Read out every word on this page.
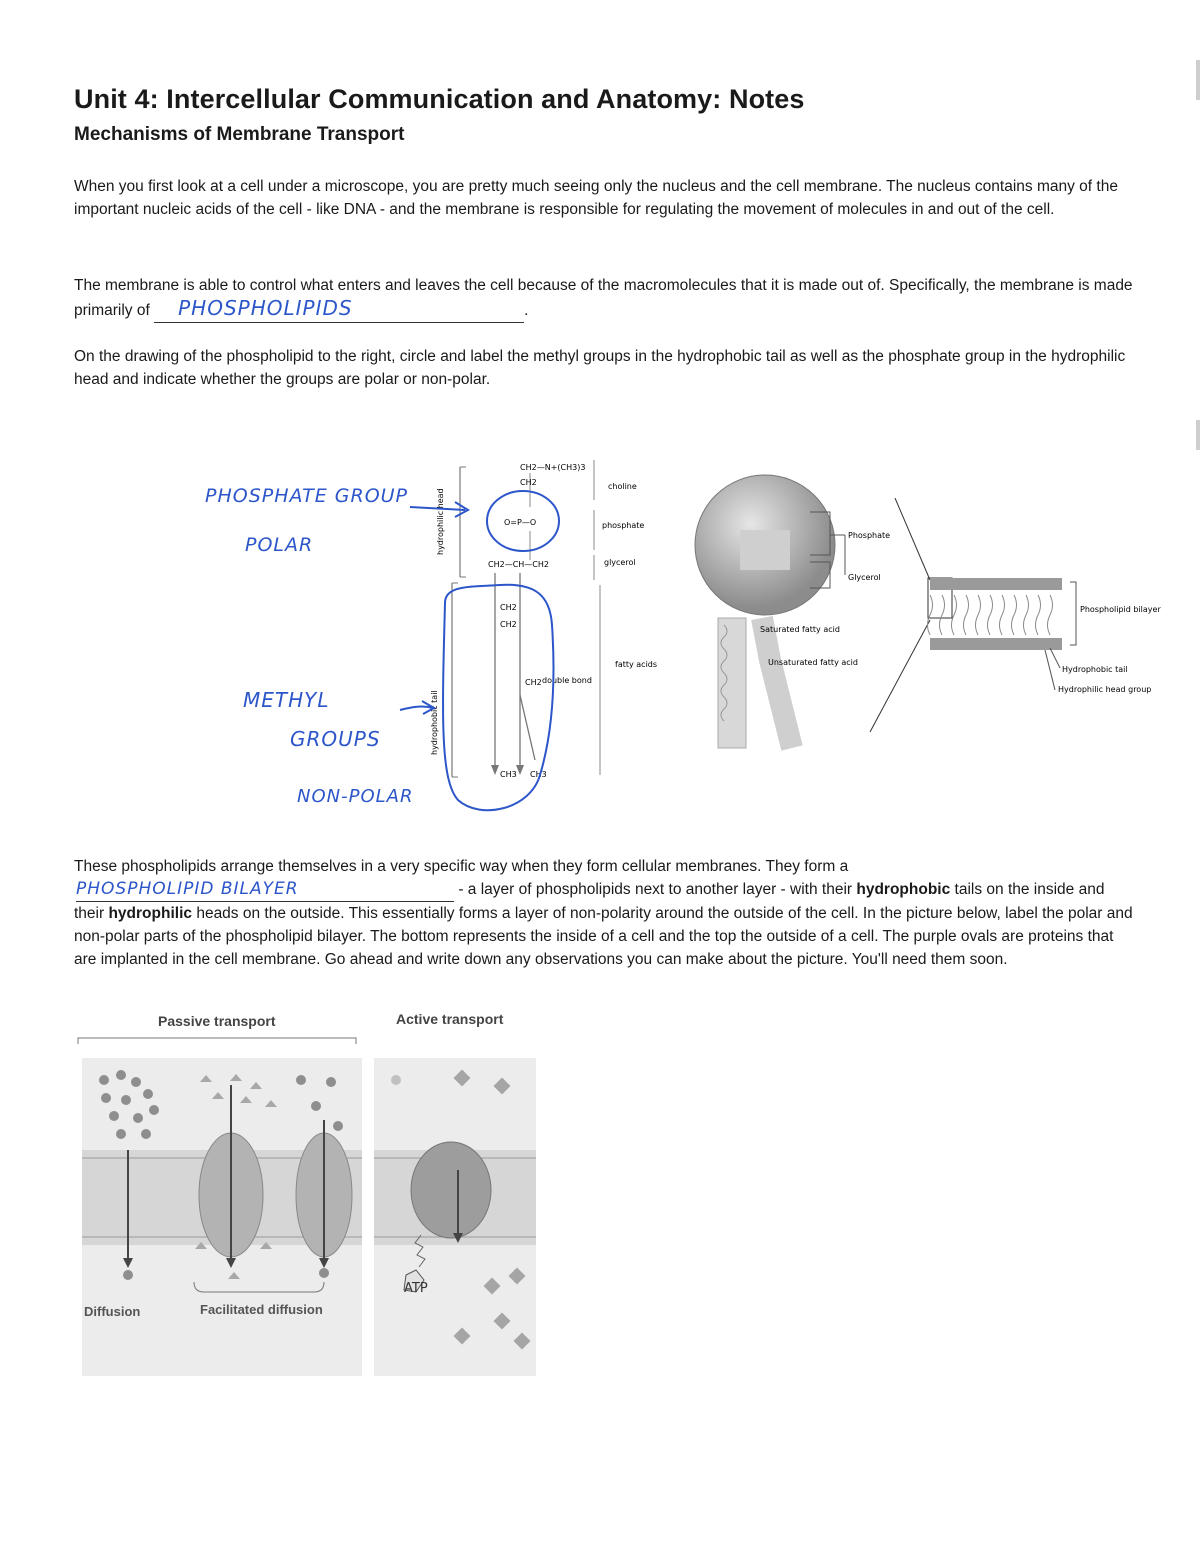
Unit 4: Intercellular Communication and Anatomy: Notes
Mechanisms of Membrane Transport

When you first look at a cell under a microscope, you are pretty much seeing only the nucleus and the cell membrane. The nucleus contains many of the important nucleic acids of the cell - like DNA - and the membrane is responsible for regulating the movement of molecules in and out of the cell.

The membrane is able to control what enters and leaves the cell because of the macromolecules that it is made out of. Specifically, the membrane is made primarily of PHOSPHOLIPIDS	.

On the drawing of the phospholipid to the right, circle and label the methyl groups in the hydrophobic tail as well as the phosphate group in the hydrophilic head and indicate whether the groups are polar or non-polar.

hydrophilic head
hydrophobic tail
CH2—N+(CH3)3
CH2
O=P—O
CH2—CH—CH2
CH2
CH2
CH2
CH3 CH3
choline
phosphate
glycerol
fatty acids
double bond
PHOSPHATE GROUP
POLAR
METHYL
GROUPS
NON-POLAR
Phosphate
Glycerol
Saturated fatty acid
Unsaturated fatty acid
Phospholipid bilayer
Hydrophobic tail
Hydrophilic head group
These phospholipids arrange themselves in a very specific way when they form cellular membranes. They form a
PHOSPHOLIPID BILAYER	- a layer of phospholipids next to another layer - with their hydrophobic tails on the inside and their hydrophilic heads on the outside. This essentially forms a layer of non-polarity around the outside of the cell. In the picture below, label the polar and non-polar parts of the phospholipid bilayer. The bottom represents the inside of a cell and the top the outside of a cell. The purple ovals are proteins that are implanted in the cell membrane. Go ahead and write down any observations you can make about the picture. You'll need them soon.
Passive transport	Active transport
ATP
Diffusion	Facilitated diffusion
